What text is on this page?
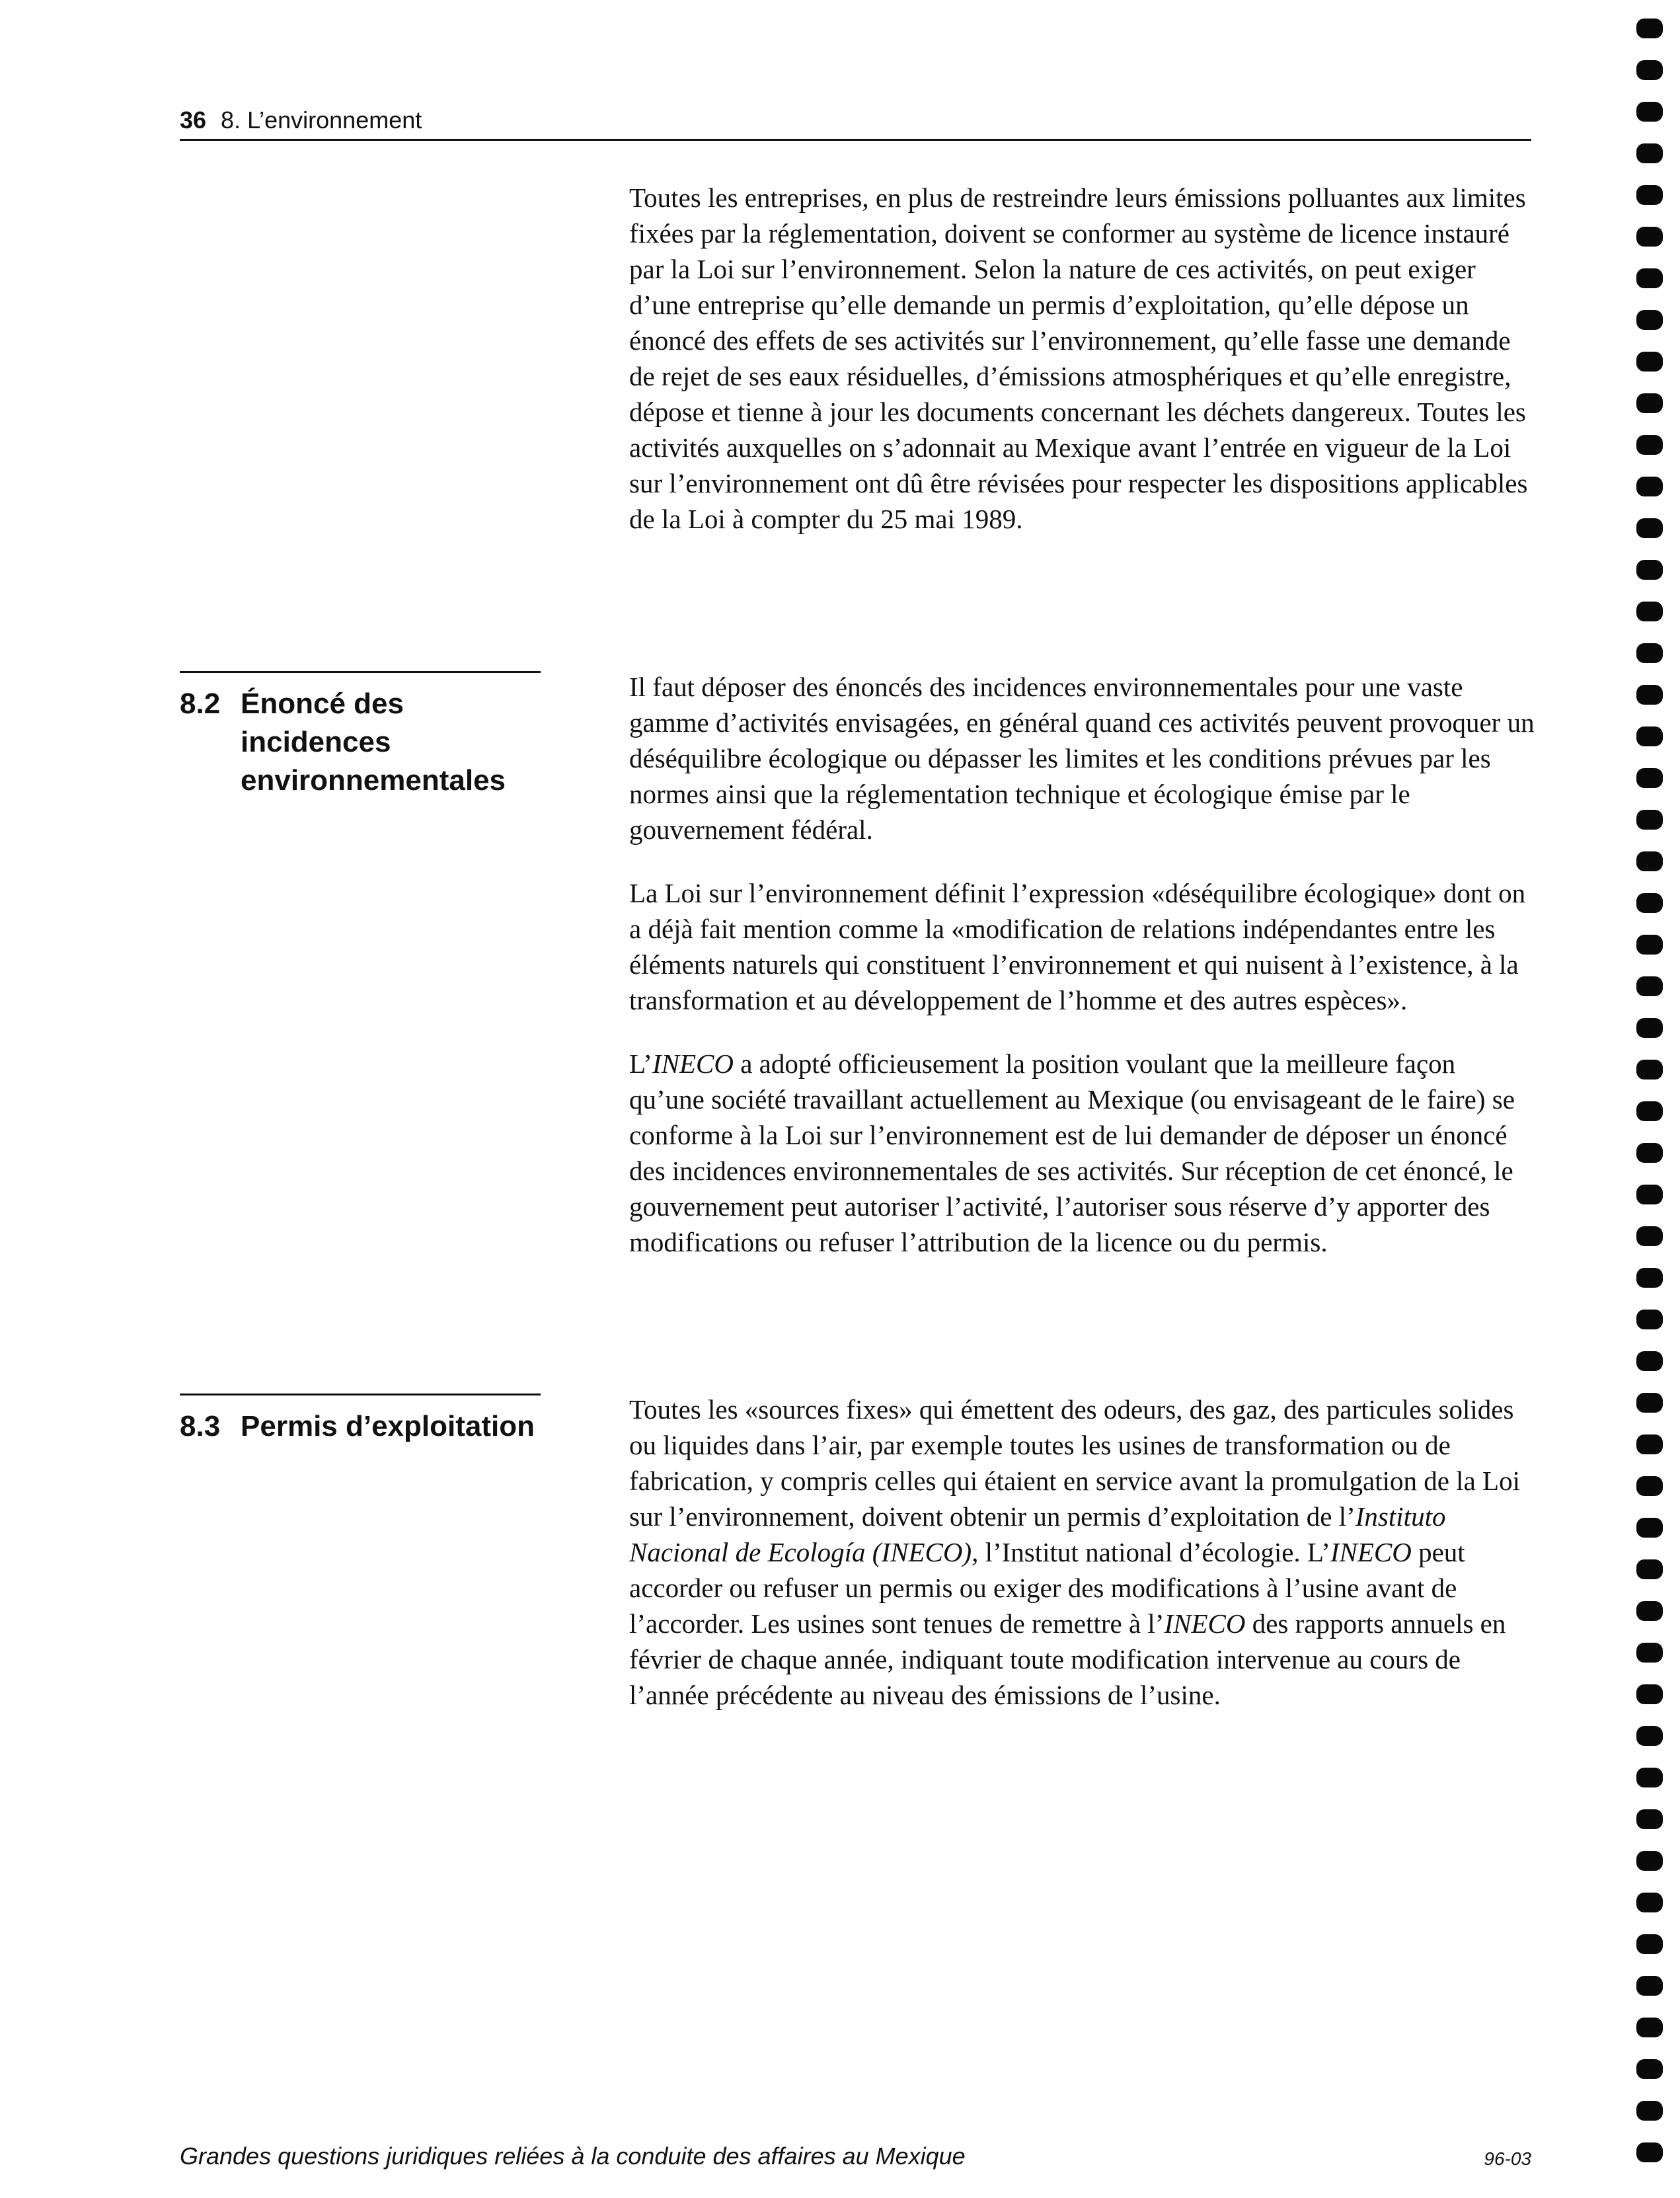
36 8. L’environnement

Toutes les entreprises, en plus de restreindre leurs émissions polluantes aux limites fixées par la réglementation, doivent se conformer au système de licence instauré par la Loi sur l’environnement. Selon la nature de ces activités, on peut exiger d’une entreprise qu’elle demande un permis d’exploitation, qu’elle dépose un énoncé des effets de ses activités sur l’environnement, qu’elle fasse une demande de rejet de ses eaux résiduelles, d’émissions atmosphériques et qu’elle enregistre, dépose et tienne à jour les documents concernant les déchets dangereux. Toutes les activités auxquelles on s’adonnait au Mexique avant l’entrée en vigueur de la Loi sur l’environnement ont dû être révisées pour respecter les dispositions applicables de la Loi à compter du 25 mai 1989.

8.2 Énoncé des incidences environnementales

Il faut déposer des énoncés des incidences environnementales pour une vaste gamme d’activités envisagées, en général quand ces activités peuvent provoquer un déséquilibre écologique ou dépasser les limites et les conditions prévues par les normes ainsi que la réglementation technique et écologique émise par le gouvernement fédéral.

La Loi sur l’environnement définit l’expression «déséquilibre écologique» dont on a déjà fait mention comme la «modification de relations indépendantes entre les éléments naturels qui constituent l’environnement et qui nuisent à l’existence, à la transformation et au développement de l’homme et des autres espèces».

L’INECO a adopté officieusement la position voulant que la meilleure façon qu’une société travaillant actuellement au Mexique (ou envisageant de le faire) se conforme à la Loi sur l’environnement est de lui demander de déposer un énoncé des incidences environnementales de ses activités. Sur réception de cet énoncé, le gouvernement peut autoriser l’activité, l’autoriser sous réserve d’y apporter des modifications ou refuser l’attribution de la licence ou du permis.

8.3 Permis d’exploitation

Toutes les «sources fixes» qui émettent des odeurs, des gaz, des particules solides ou liquides dans l’air, par exemple toutes les usines de transformation ou de fabrication, y compris celles qui étaient en service avant la promulgation de la Loi sur l’environnement, doivent obtenir un permis d’exploitation de l’Instituto Nacional de Ecología (INECO), l’Institut national d’écologie. L’INECO peut accorder ou refuser un permis ou exiger des modifications à l’usine avant de l’accorder. Les usines sont tenues de remettre à l’INECO des rapports annuels en février de chaque année, indiquant toute modification intervenue au cours de l’année précédente au niveau des émissions de l’usine.

Grandes questions juridiques reliées à la conduite des affaires au Mexique	96-03
